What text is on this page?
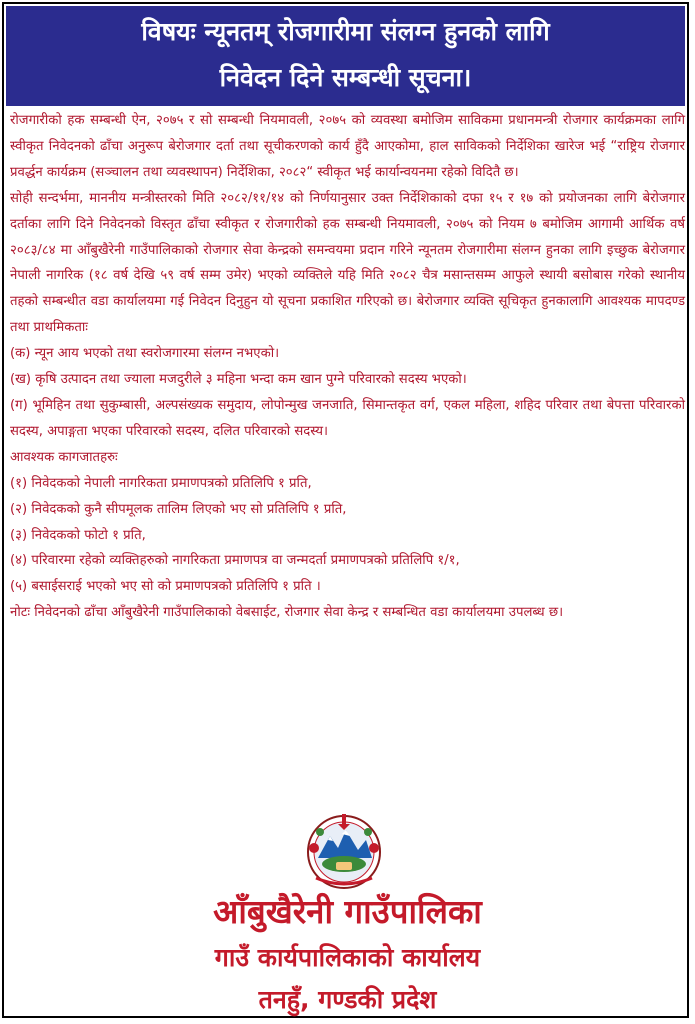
विषयः न्यूनतम् रोजगारीमा संलग्न हुनको लागि
निवेदन दिने सम्बन्धी सूचना।

रोजगारीको हक सम्बन्धी ऐन, २०७५ र सो सम्बन्धी नियमावली, २०७५ को व्यवस्था बमोजिम साविकमा प्रधानमन्त्री रोजगार कार्यक्रमका लागि स्वीकृत निवेदनको ढाँचा अनुरूप बेरोजगार दर्ता तथा सूचीकरणको कार्य हुँदै आएकोमा, हाल साविकको निर्देशिका खारेज भई “राष्ट्रिय रोजगार प्रवर्द्धन कार्यक्रम (सञ्चालन तथा व्यवस्थापन) निर्देशिका, २०८२“ स्वीकृत भई कार्यान्वयनमा रहेको विदितै छ।

सोही सन्दर्भमा, माननीय मन्त्रीस्तरको मिति २०८२/११/१४ को निर्णयानुसार उक्त निर्देशिकाको दफा १५ र १७ को प्रयोजनका लागि बेरोजगार दर्ताका लागि दिने निवेदनको विस्तृत ढाँचा स्वीकृत र रोजगारीको हक सम्बन्धी नियमावली, २०७५ को नियम ७ बमोजिम आगामी आर्थिक वर्ष २०८३/८४ मा आँबुखैरेनी गाउँपालिकाको रोजगार सेवा केन्द्रको समन्वयमा प्रदान गरिने न्यूनतम रोजगारीमा संलग्न हुनका लागि इच्छुक बेरोजगार नेपाली नागरिक (१८ वर्ष देखि ५९ वर्ष सम्म उमेर) भएको व्यक्तिले यहि मिति २०८२ चैत्र मसान्तसम्म आफुले स्थायी बसोबास गरेको स्थानीय तहको सम्बन्धीत वडा कार्यालयमा गई निवेदन दिनुहुन यो सूचना प्रकाशित गरिएको छ। बेरोजगार व्यक्ति सूचिकृत हुनकालागि आवश्यक मापदण्ड तथा प्राथमिकताः

(क) न्यून आय भएको तथा स्वरोजगारमा संलग्न नभएको।

(ख) कृषि उत्पादन तथा ज्याला मजदुरीले ३ महिना भन्दा कम खान पुग्ने परिवारको सदस्य भएको।

(ग) भूमिहिन तथा सुकुम्बासी, अल्पसंख्यक समुदाय, लोपोन्मुख जनजाति, सिमान्तकृत वर्ग, एकल महिला, शहिद परिवार तथा बेपत्ता परिवारको सदस्य, अपाङ्गता भएका परिवारको सदस्य, दलित परिवारको सदस्य।

आवश्यक कागजातहरुः

(१) निवेदकको नेपाली नागरिकता प्रमाणपत्रको प्रतिलिपि १ प्रति,

(२) निवेदकको कुनै सीपमूलक तालिम लिएको भए सो प्रतिलिपि १ प्रति,

(३) निवेदकको फोटो १ प्रति,

(४) परिवारमा रहेको व्यक्तिहरुको नागरिकता प्रमाणपत्र वा जन्मदर्ता प्रमाणपत्रको प्रतिलिपि १/१,

(५) बसाईसराई भएको भए सो को प्रमाणपत्रको प्रतिलिपि १ प्रति ।

नोटः निवेदनको ढाँचा आँबुखैरेनी गाउँपालिकाको वेबसाईट, रोजगार सेवा केन्द्र र सम्बन्धित वडा कार्यालयमा उपलब्ध छ।

आँबुखैरेनी गाउँपालिका
गाउँ कार्यपालिकाको कार्यालय
तनहुँ, गण्डकी प्रदेश
